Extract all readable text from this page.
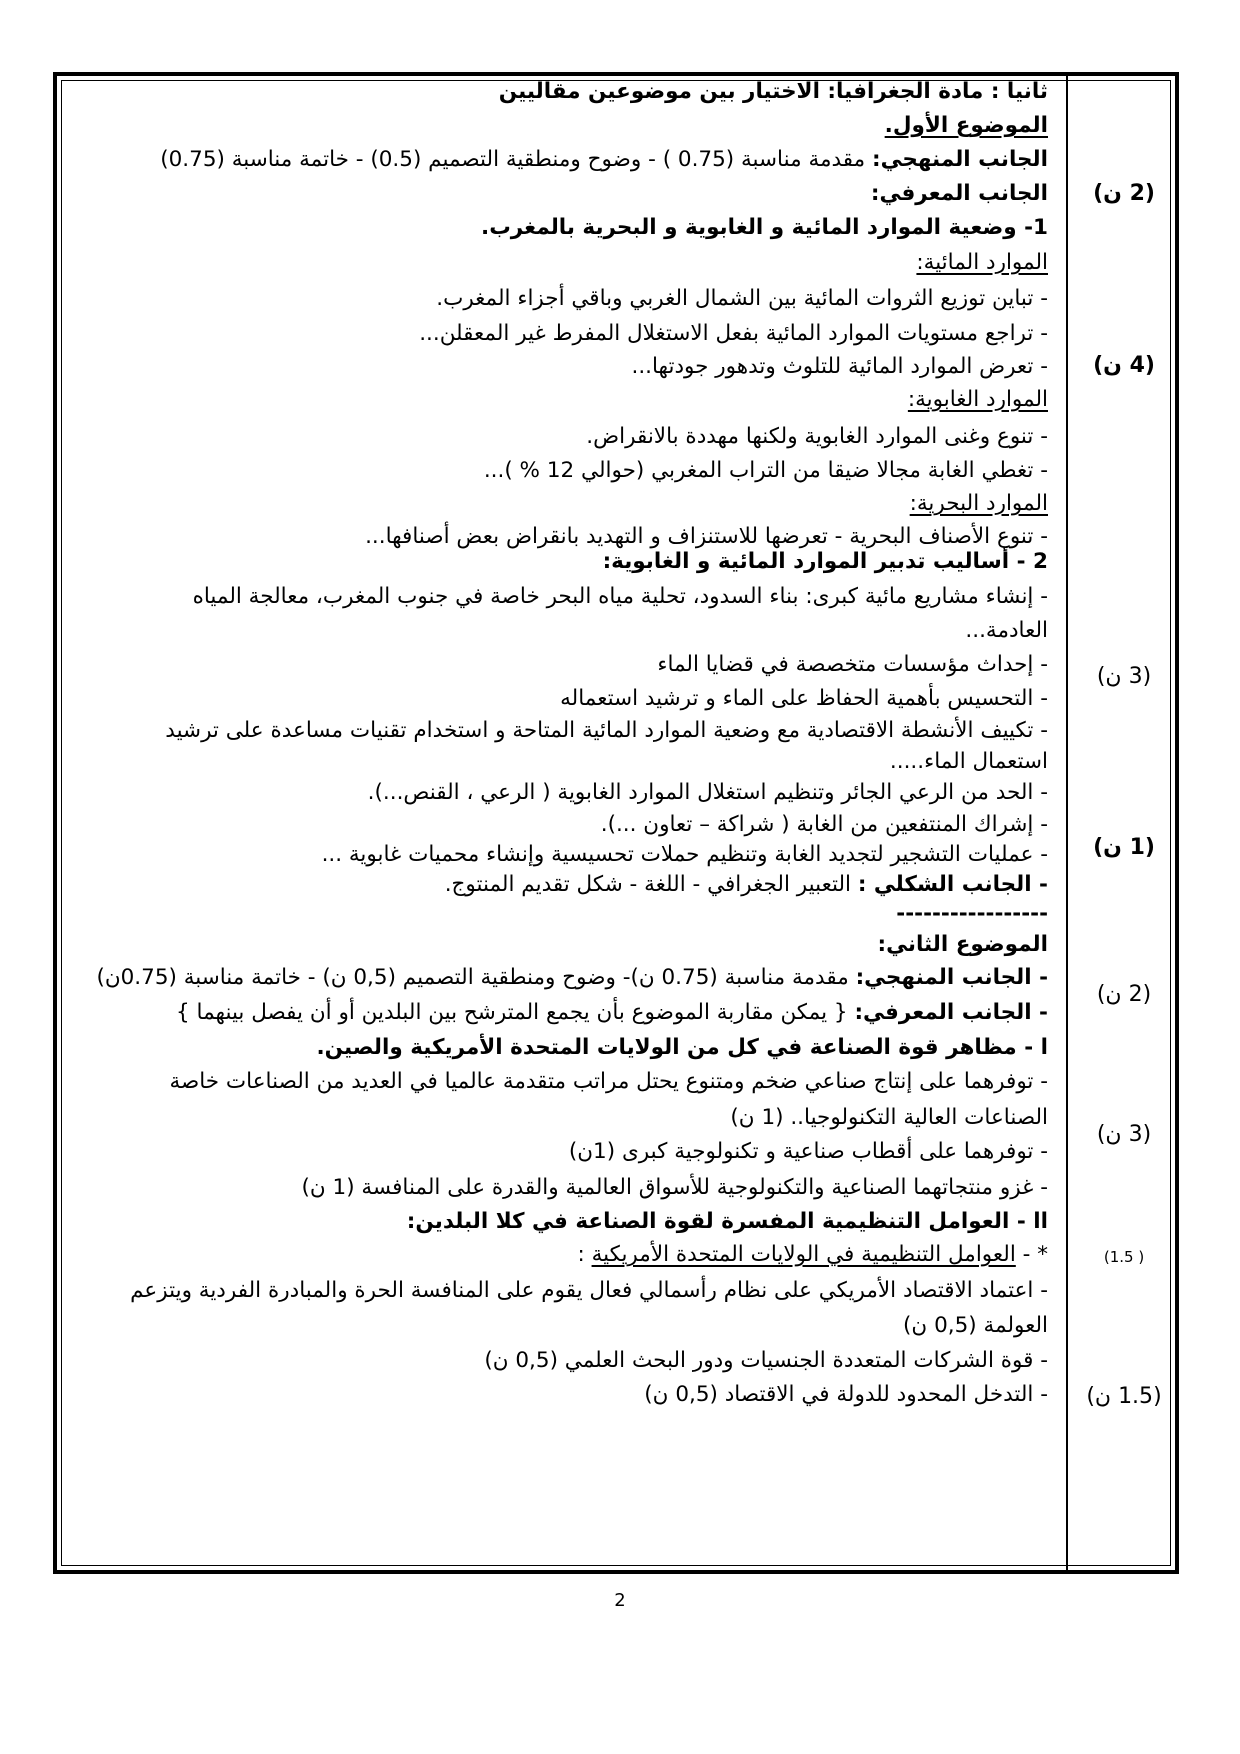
ثانيا : مادة الجغرافيا: الاختيار بين موضوعين مقاليين
الموضوع الأول.
الجانب المنهجي: مقدمة مناسبة (0.75 ) - وضوح ومنطقية التصميم (0.5) - خاتمة مناسبة (0.75)
الجانب المعرفي:
1- وضعية الموارد المائية و الغابوية و البحرية بالمغرب.
الموارد المائية:
- تباين توزيع الثروات المائية بين الشمال الغربي وباقي أجزاء المغرب.
- تراجع مستويات الموارد المائية بفعل الاستغلال المفرط غير المعقلن...
- تعرض الموارد المائية للتلوث وتدهور جودتها...
الموارد الغابوية:
- تنوع وغنى الموارد الغابوية ولكنها مهددة بالانقراض.
- تغطي الغابة مجالا ضيقا من التراب المغربي (حوالي 12 % )...
الموارد البحرية:
- تنوع الأصناف البحرية - تعرضها للاستنزاف و التهديد بانقراض بعض أصنافها...
2 - أساليب تدبير الموارد المائية و الغابوية:
- إنشاء مشاريع مائية كبرى: بناء السدود، تحلية مياه البحر خاصة في جنوب المغرب، معالجة المياه
العادمة...
- إحداث مؤسسات متخصصة في قضايا الماء
- التحسيس بأهمية الحفاظ على الماء و ترشيد استعماله
- تكييف الأنشطة الاقتصادية مع وضعية الموارد المائية المتاحة و استخدام تقنيات مساعدة على ترشيد
استعمال الماء.....
- الحد من الرعي الجائر وتنظيم استغلال الموارد الغابوية ( الرعي ، القنص...).
- إشراك المنتفعين من الغابة ( شراكة – تعاون ...).
- عمليات التشجير لتجديد الغابة وتنظيم حملات تحسيسية وإنشاء محميات غابوية ...
- الجانب الشكلي : التعبير الجغرافي - اللغة - شكل تقديم المنتوج.
-----------------
الموضوع الثاني:
- الجانب المنهجي: مقدمة مناسبة (0.75 ن)- وضوح ومنطقية التصميم (0,5 ن) - خاتمة مناسبة (0.75ن)
- الجانب المعرفي: { يمكن مقاربة الموضوع بأن يجمع المترشح بين البلدين أو أن يفصل بينهما }
ا - مظاهر قوة الصناعة في كل من الولايات المتحدة الأمريكية والصين.
- توفرهما على إنتاج صناعي ضخم ومتنوع يحتل مراتب متقدمة عالميا في العديد من الصناعات خاصة
الصناعات العالية التكنولوجيا.. (1 ن)
- توفرهما على أقطاب صناعية و تكنولوجية كبرى (1ن)
- غزو منتجاتهما الصناعية والتكنولوجية للأسواق العالمية والقدرة على المنافسة (1 ن)
اا - العوامل التنظيمية المفسرة لقوة الصناعة في كلا البلدين:
* - العوامل التنظيمية في الولايات المتحدة الأمريكية :
- اعتماد الاقتصاد الأمريكي على نظام رأسمالي فعال يقوم على المنافسة الحرة والمبادرة الفردية ويتزعم
العولمة (0,5 ن)
- قوة الشركات المتعددة الجنسيات ودور البحث العلمي (0,5 ن)
- التدخل المحدود للدولة في الاقتصاد (0,5 ن)
(2 ن)
(4 ن)
(3 ن)
(1 ن)
(2 ن)
(3 ن)
( 1.5)
(1.5 ن)
2
